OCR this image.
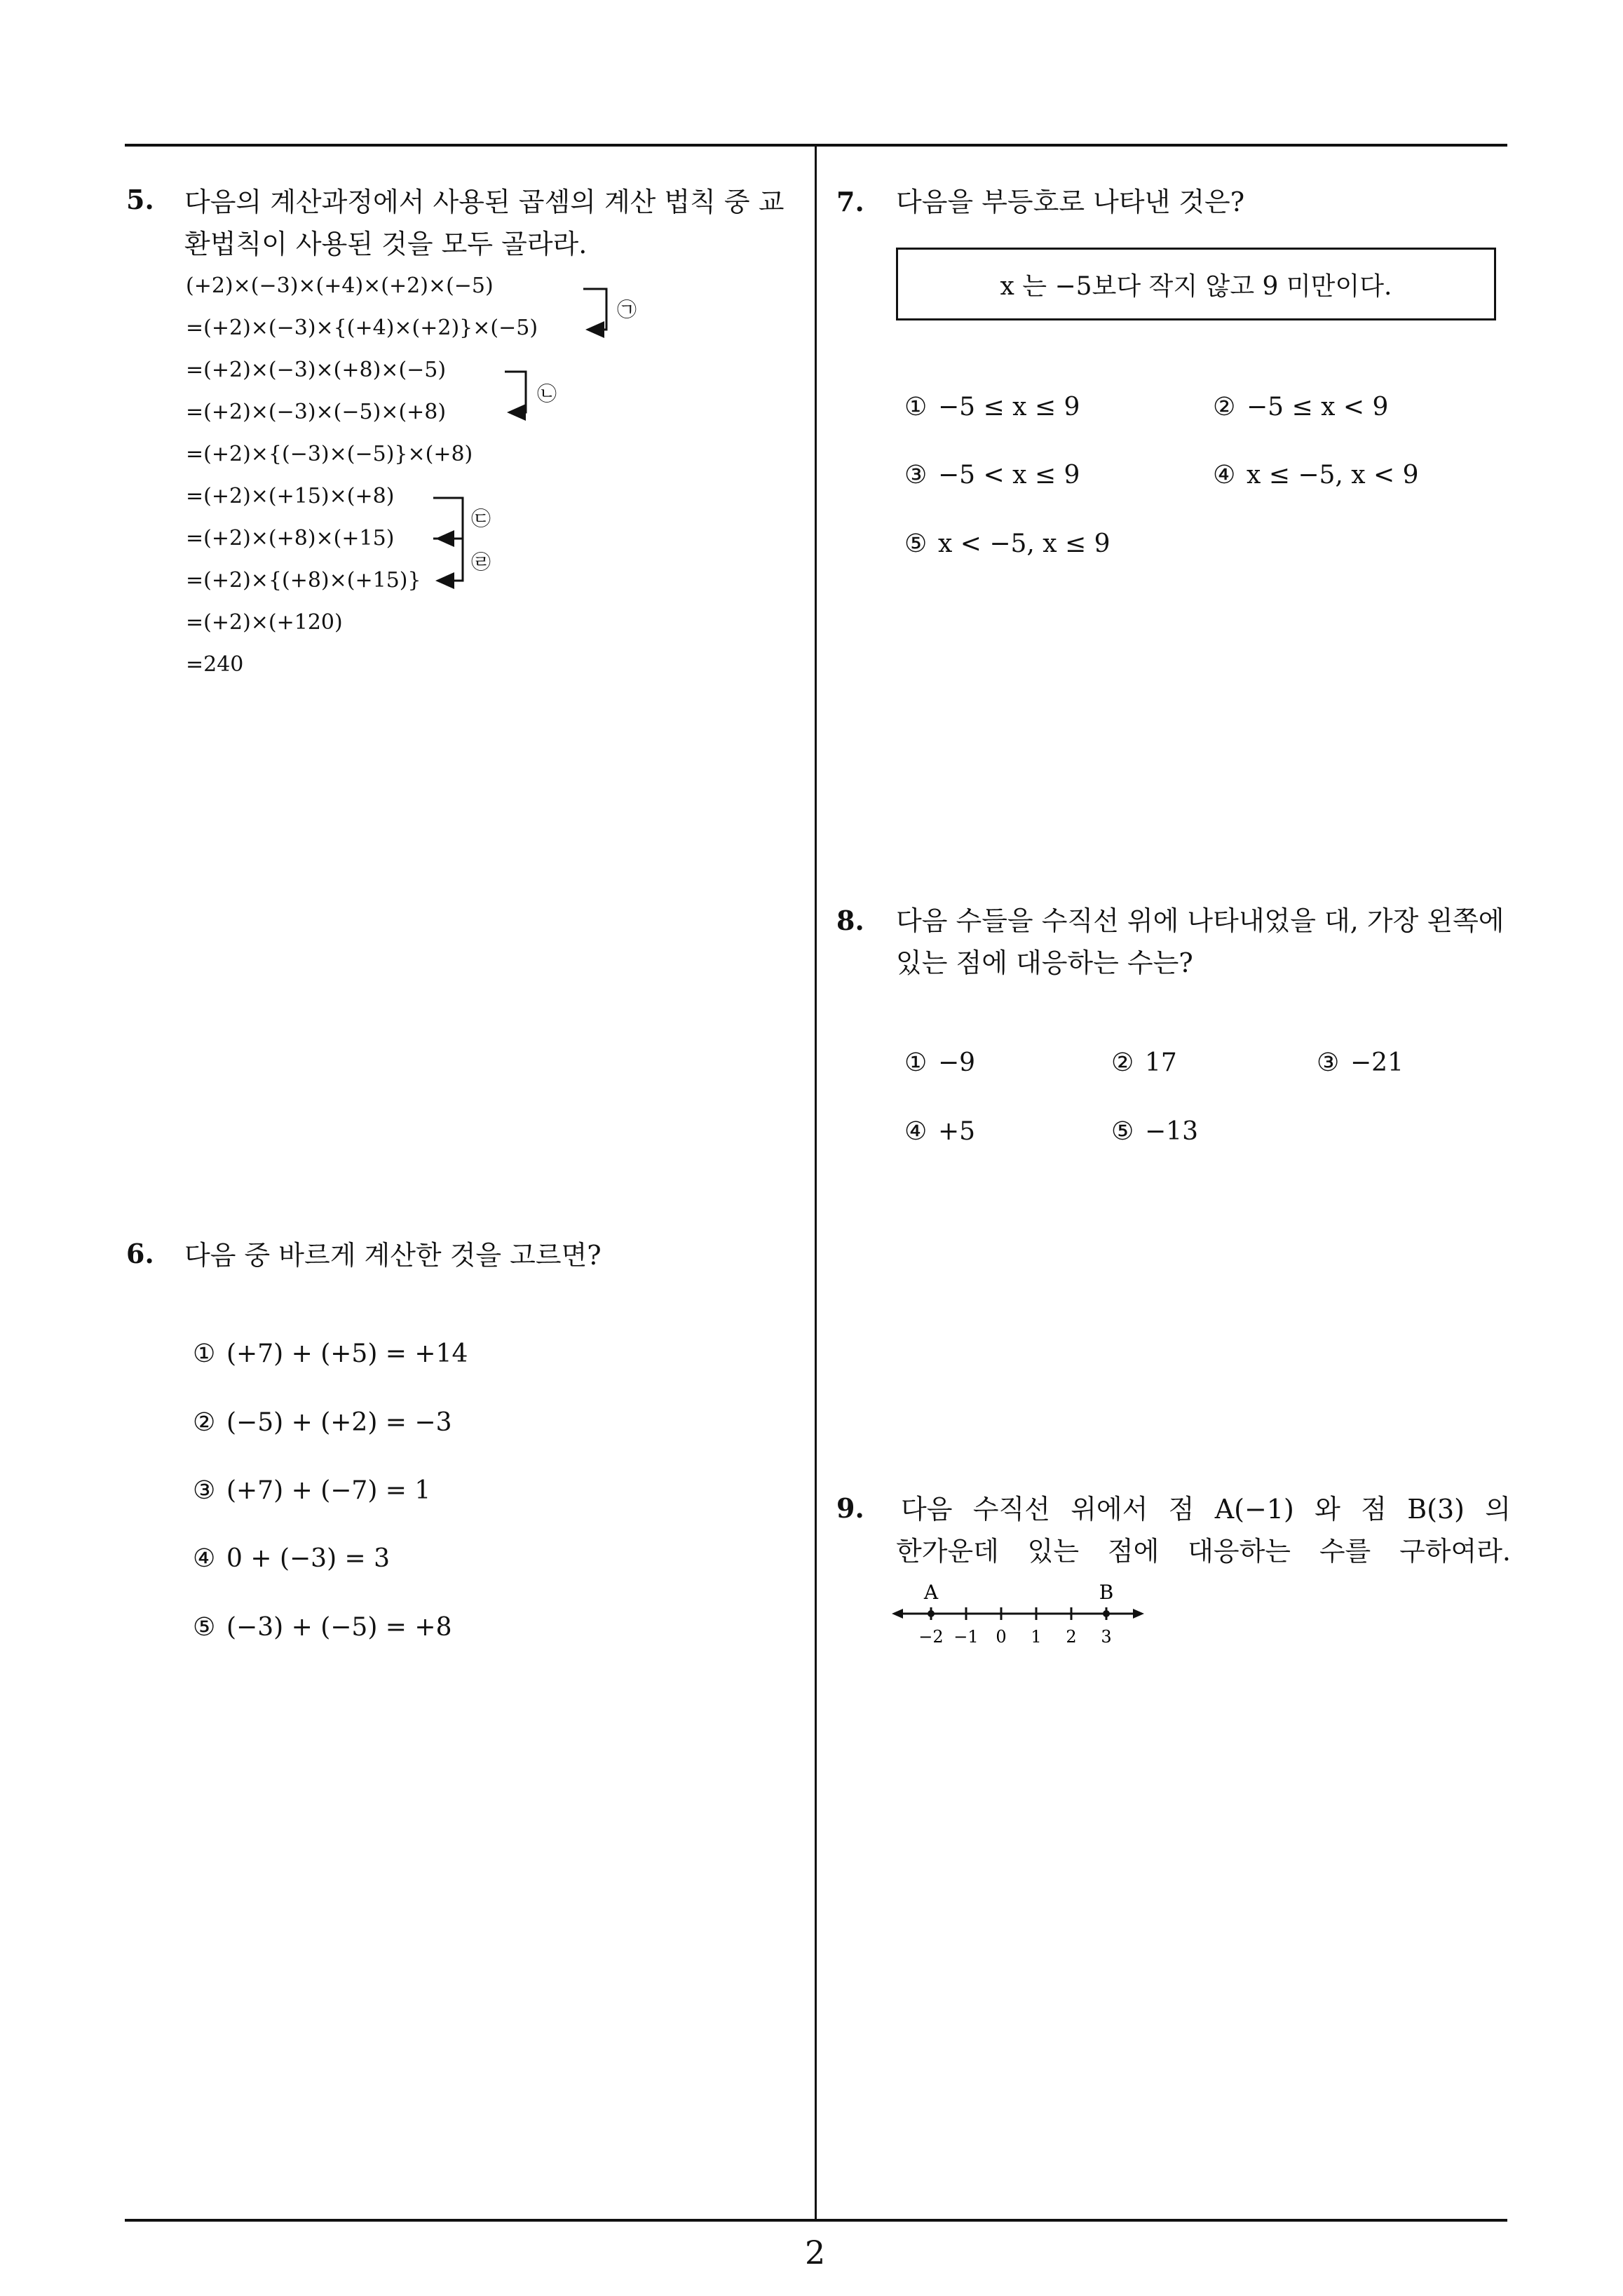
5. 다음의 계산과정에서 사용된 곱셈의 계산 법칙 중 교
환법칙이 사용된 것을 모두 골라라.
(+2)×(−3)×(+4)×(+2)×(−5)
=(+2)×(−3)×{(+4)×(+2)}×(−5)
=(+2)×(−3)×(+8)×(−5)
=(+2)×(−3)×(−5)×(+8)
=(+2)×{(−3)×(−5)}×(+8)
=(+2)×(+15)×(+8)
=(+2)×(+8)×(+15)
=(+2)×{(+8)×(+15)}
=(+2)×(+120)
=240
㉠
㉡
㉢
㉣
6. 다음 중 바르게 계산한 것을 고르면?
① (+7) + (+5) = +14
② (−5) + (+2) = −3
③ (+7) + (−7) = 1
④ 0 + (−3) = 3
⑤ (−3) + (−5) = +8
7. 다음을 부등호로 나타낸 것은?
x 는 −5보다 작지 않고 9 미만이다.
① −5 ≤ x ≤ 9	② −5 ≤ x < 9
③ −5 < x ≤ 9	④ x ≤ −5, x < 9
⑤ x < −5, x ≤ 9
8. 다음 수들을 수직선 위에 나타내었을 대, 가장 왼쪽에
있는 점에 대응하는 수는?
① −9	② 17	③ −21
④ +5	⑤ −13
9. 다음 수직선 위에서 점 A(−1) 와 점 B(3) 의
한가운데 있는 점에 대응하는 수를 구하여라.
A	B
−2 −1 0 1 2 3
2
